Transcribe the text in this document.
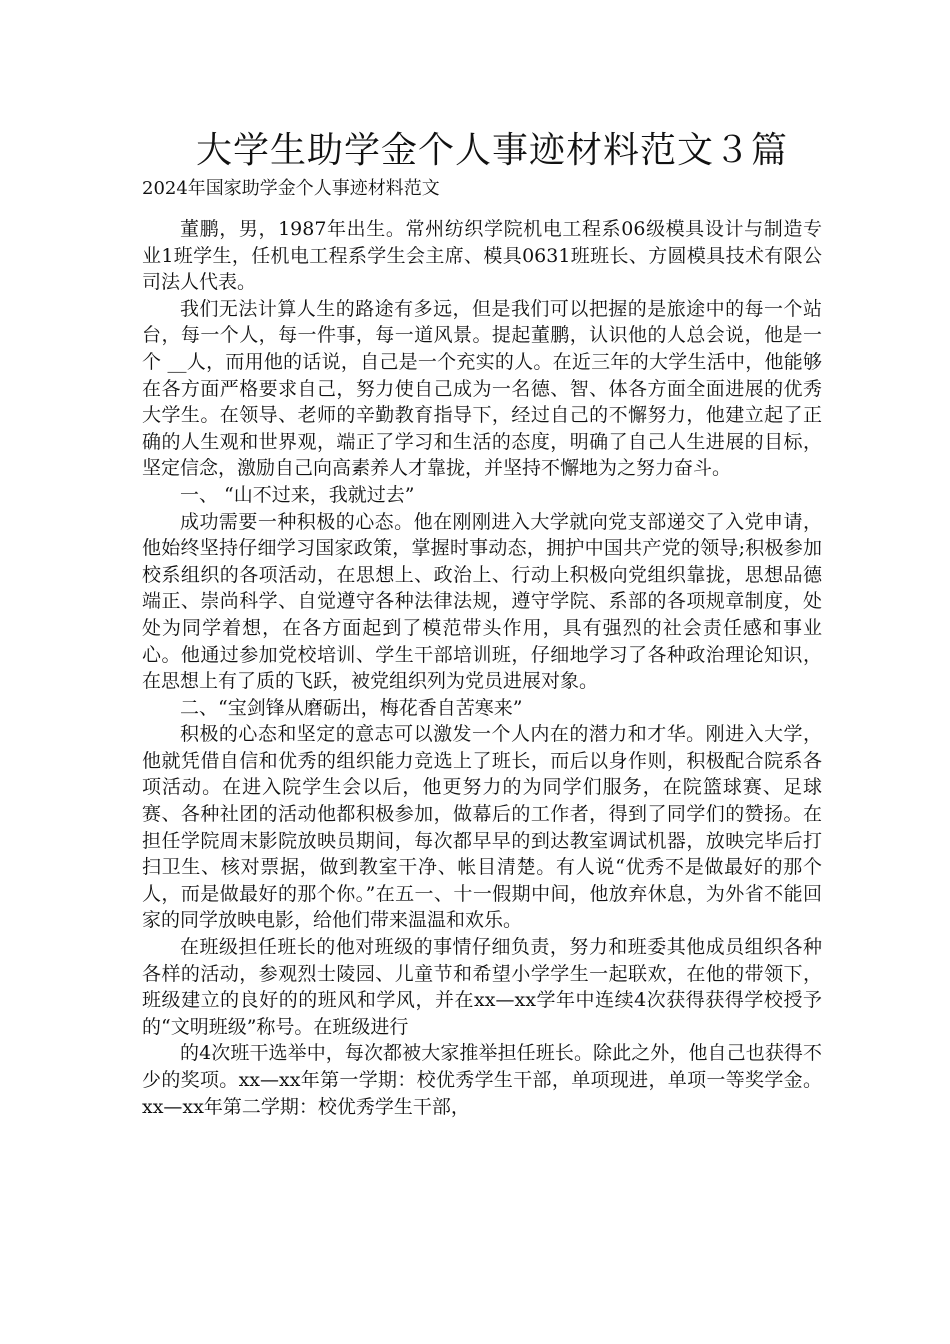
大学生助学金个人事迹材料范文３篇
2024年国家助学金个人事迹材料范文

董鹏，男，1987年出生。常州纺织学院机电工程系06级模具设计与制造专业1班学生，任机电工程系学生会主席、模具0631班班长、方圆模具技术有限公司法人代表。

我们无法计算人生的路途有多远，但是我们可以把握的是旅途中的每一个站台，每一个人，每一件事，每一道风景。提起董鹏，认识他的人总会说，他是一个 __人，而用他的话说，自己是一个充实的人。在近三年的大学生活中，他能够在各方面严格要求自己，努力使自己成为一名德、智、体各方面全面进展的优秀大学生。在领导、老师的辛勤教育指导下，经过自己的不懈努力，他建立起了正确的人生观和世界观，端正了学习和生活的态度，明确了自己人生进展的目标，坚定信念，激励自己向高素养人才靠拢，并坚持不懈地为之努力奋斗。

一、 “山不过来，我就过去”

成功需要一种积极的心态。他在刚刚进入大学就向党支部递交了入党申请，他始终坚持仔细学习国家政策，掌握时事动态，拥护中国共产党的领导;积极参加校系组织的各项活动，在思想上、政治上、行动上积极向党组织靠拢，思想品德端正、崇尚科学、自觉遵守各种法律法规，遵守学院、系部的各项规章制度，处处为同学着想，在各方面起到了模范带头作用，具有强烈的社会责任感和事业心。他通过参加党校培训、学生干部培训班，仔细地学习了各种政治理论知识，在思想上有了质的飞跃，被党组织列为党员进展对象。

二、“宝剑锋从磨砺出，梅花香自苦寒来”

积极的心态和坚定的意志可以激发一个人内在的潜力和才华。刚进入大学，他就凭借自信和优秀的组织能力竞选上了班长，而后以身作则，积极配合院系各项活动。在进入院学生会以后，他更努力的为同学们服务，在院篮球赛、足球赛、各种社团的活动他都积极参加，做幕后的工作者，得到了同学们的赞扬。在担任学院周末影院放映员期间，每次都早早的到达教室调试机器，放映完毕后打扫卫生、核对票据，做到教室干净、帐目清楚。有人说“优秀不是做最好的那个人，而是做最好的那个你。”在五一、十一假期中间，他放弃休息，为外省不能回家的同学放映电影，给他们带来温温和欢乐。

在班级担任班长的他对班级的事情仔细负责，努力和班委其他成员组织各种各样的活动，参观烈士陵园、儿童节和希望小学学生一起联欢，在他的带领下，班级建立的良好的的班风和学风，并在xx—xx学年中连续4次获得获得学校授予的“文明班级”称号。在班级进行

的4次班干选举中，每次都被大家推举担任班长。除此之外，他自己也获得不少的奖项。xx—xx年第一学期：校优秀学生干部，单项现进，单项一等奖学金。xx—xx年第二学期：校优秀学生干部，
